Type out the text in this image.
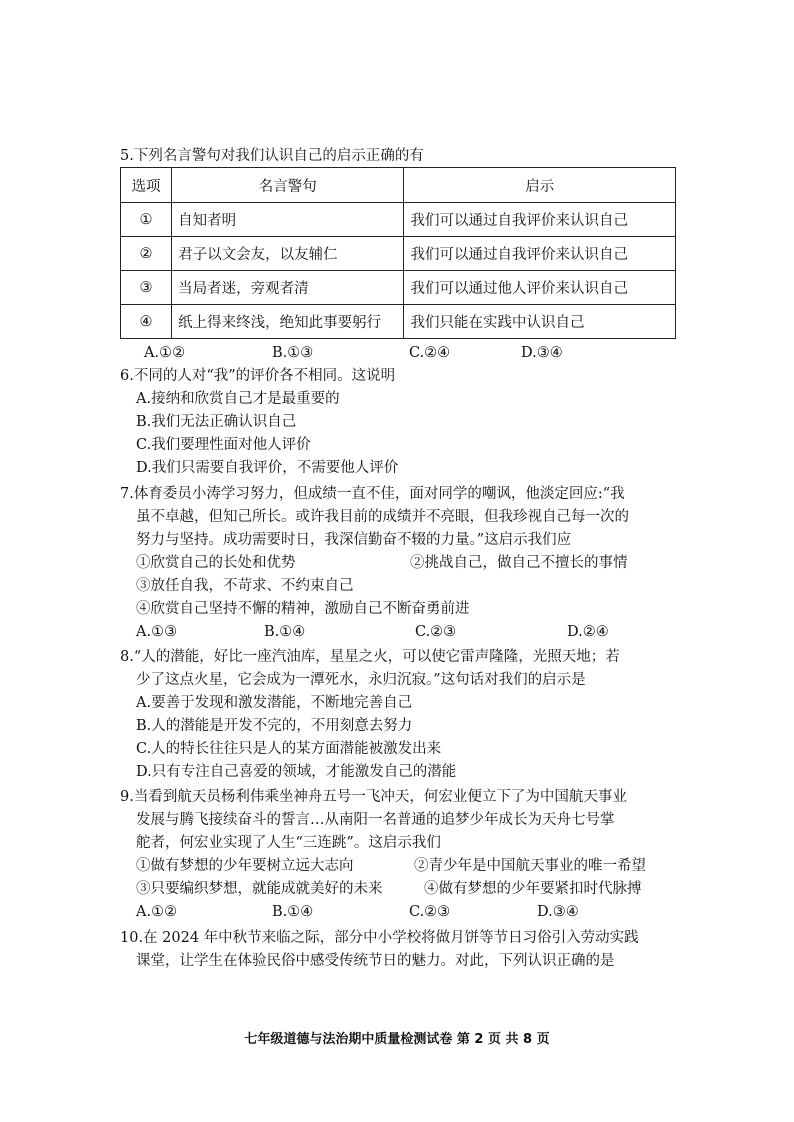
5.下列名言警句对我们认识自己的启示正确的有
选项	名言警句	启示
①	自知者明	我们可以通过自我评价来认识自己
②	君子以文会友，以友辅仁	我们可以通过自我评价来认识自己
③	当局者迷，旁观者清	我们可以通过他人评价来认识自己
④	纸上得来终浅，绝知此事要躬行	我们只能在实践中认识自己
A.①②	B.①③	C.②④	D.③④
6.不同的人对“我”的评价各不相同。这说明
A.接纳和欣赏自己才是最重要的
B.我们无法正确认识自己
C.我们要理性面对他人评价
D.我们只需要自我评价，不需要他人评价
7.体育委员小涛学习努力，但成绩一直不佳，面对同学的嘲讽，他淡定回应:“我
虽不卓越，但知己所长。或许我目前的成绩并不亮眼，但我珍视自己每一次的
努力与坚持。成功需要时日，我深信勤奋不辍的力量。”这启示我们应
①欣赏自己的长处和优势	②挑战自己，做自己不擅长的事情
③放任自我，不苛求、不约束自己
④欣赏自己坚持不懈的精神，激励自己不断奋勇前进
A.①③	B.①④	C.②③	D.②④
8.“人的潜能，好比一座汽油库，星星之火，可以使它雷声隆隆，光照天地；若
少了这点火星，它会成为一潭死水，永归沉寂。”这句话对我们的启示是
A.要善于发现和激发潜能，不断地完善自己
B.人的潜能是开发不完的，不用刻意去努力
C.人的特长往往只是人的某方面潜能被激发出来
D.只有专注自己喜爱的领域，才能激发自己的潜能
9.当看到航天员杨利伟乘坐神舟五号一飞冲天，何宏业便立下了为中国航天事业
发展与腾飞接续奋斗的誓言…从南阳一名普通的追梦少年成长为天舟七号掌
舵者，何宏业实现了人生“三连跳”。这启示我们
①做有梦想的少年要树立远大志向	②青少年是中国航天事业的唯一希望
③只要编织梦想，就能成就美好的未来	④做有梦想的少年要紧扣时代脉搏
A.①②	B.①④	C.②③	D.③④
10.在 2024 年中秋节来临之际，部分中小学校将做月饼等节日习俗引入劳动实践
课堂，让学生在体验民俗中感受传统节日的魅力。对此，下列认识正确的是
七年级道德与法治期中质量检测试卷 第 2 页 共 8 页
